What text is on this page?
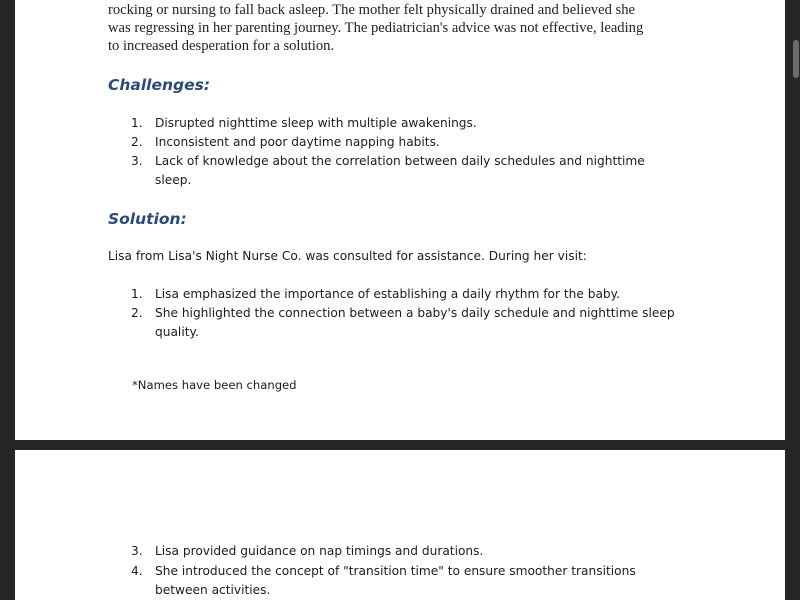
rocking or nursing to fall back asleep. The mother felt physically drained and believed she
was regressing in her parenting journey. The pediatrician's advice was not effective, leading
to increased desperation for a solution.
Challenges:
1.	Disrupted nighttime sleep with multiple awakenings.
2.	Inconsistent and poor daytime napping habits.
3.	Lack of knowledge about the correlation between daily schedules and nighttime sleep.
Solution:
Lisa from Lisa's Night Nurse Co. was consulted for assistance. During her visit:
1.	Lisa emphasized the importance of establishing a daily rhythm for the baby.
2.	She highlighted the connection between a baby's daily schedule and nighttime sleep quality.
*Names have been changed
3.	Lisa provided guidance on nap timings and durations.
4.	She introduced the concept of "transition time" to ensure smoother transitions between activities.
